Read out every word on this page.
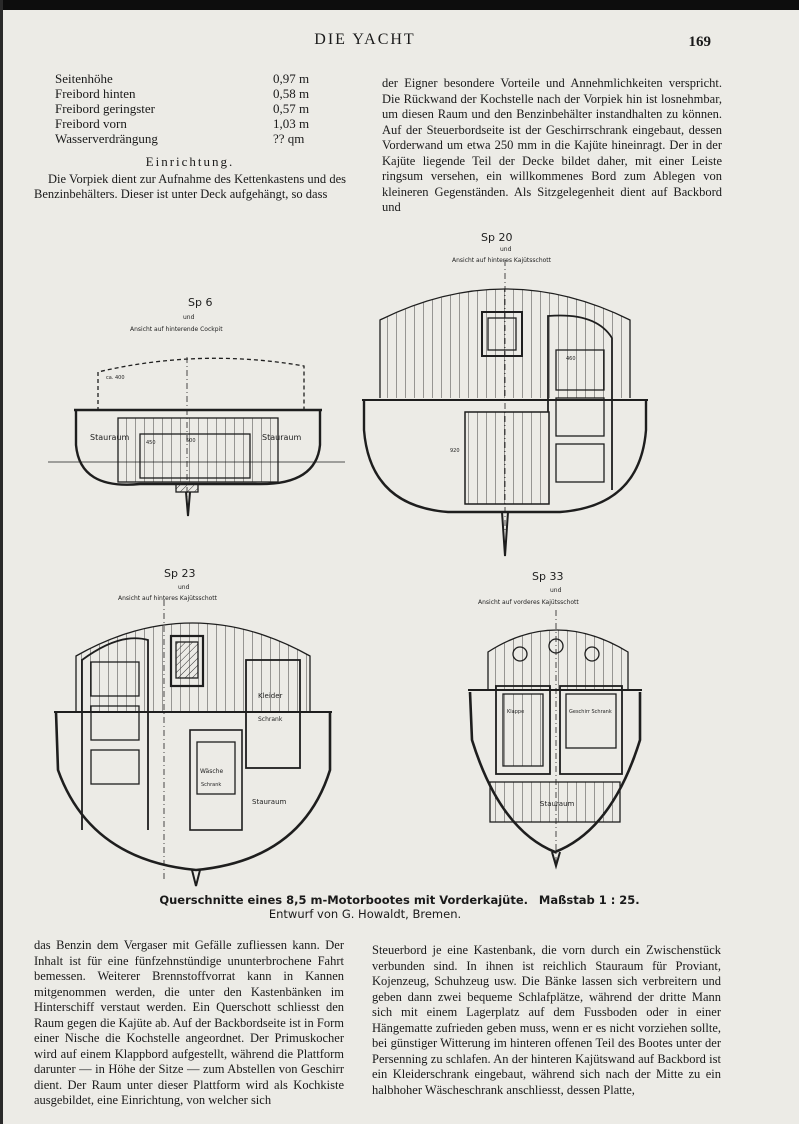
DIE YACHT	169
Seitenhöhe	0,97 m
Freibord hinten	0,58 m
Freibord geringster	0,57 m
Freibord vorn	1,03 m
Wasserverdrängung	?? qm
Einrichtung.

Die Vorpiek dient zur Aufnahme des Kettenkastens und des Benzinbehälters. Dieser ist unter Deck aufgehängt, so dass

der Eigner besondere Vorteile und Annehmlichkeiten verspricht. Die Rückwand der Kochstelle nach der Vorpiek hin ist losnehmbar, um diesen Raum und den Benzinbehälter instandhalten zu können. Auf der Steuerbordseite ist der Geschirrschrank eingebaut, dessen Vorderwand um etwa 250 mm in die Kajüte hineinragt. Der in der Kajüte liegende Teil der Decke bildet daher, mit einer Leiste ringsum versehen, ein willkommenes Bord zum Ablegen von kleineren Gegenständen. Als Sitzgelegenheit dient auf Backbord und

Sp 6
und
Ansicht auf hinterende Cockpit
Stauraum	Stauraum
ca. 400
500
450
Sp 20
und
Ansicht auf hinteres Kajütsschott
460
920
Sp 23
und
Ansicht auf hinteres Kajütsschott
Kleider
Schrank
Wäsche
Schrank
Stauraum
Sp 33
und
Ansicht auf vorderes Kajütsschott
Klappe	Geschirr Schrank
Stauraum
Querschnitte eines 8,5 m-Motorbootes mit Vorderkajüte. Maßstab 1 : 25.
Entwurf von G. Howaldt, Bremen.

das Benzin dem Vergaser mit Gefälle zufliessen kann. Der Inhalt ist für eine fünfzehnstündige ununterbrochene Fahrt bemessen. Weiterer Brennstoffvorrat kann in Kannen mitgenommen werden, die unter den Kastenbänken im Hinterschiff verstaut werden. Ein Querschott schliesst den Raum gegen die Kajüte ab. Auf der Backbordseite ist in Form einer Nische die Kochstelle angeordnet. Der Primuskocher wird auf einem Klappbord aufgestellt, während die Plattform darunter — in Höhe der Sitze — zum Abstellen von Geschirr dient. Der Raum unter dieser Plattform wird als Kochkiste ausgebildet, eine Einrichtung, von welcher sich

Steuerbord je eine Kastenbank, die vorn durch ein Zwischenstück verbunden sind. In ihnen ist reichlich Stauraum für Proviant, Kojenzeug, Schuhzeug usw. Die Bänke lassen sich verbreitern und geben dann zwei bequeme Schlafplätze, während der dritte Mann sich mit einem Lagerplatz auf dem Fussboden oder in einer Hängematte zufrieden geben muss, wenn er es nicht vorziehen sollte, bei günstiger Witterung im hinteren offenen Teil des Bootes unter der Persenning zu schlafen. An der hinteren Kajütswand auf Backbord ist ein Kleiderschrank eingebaut, während sich nach der Mitte zu ein halbhoher Wäscheschrank anschliesst, dessen Platte,
